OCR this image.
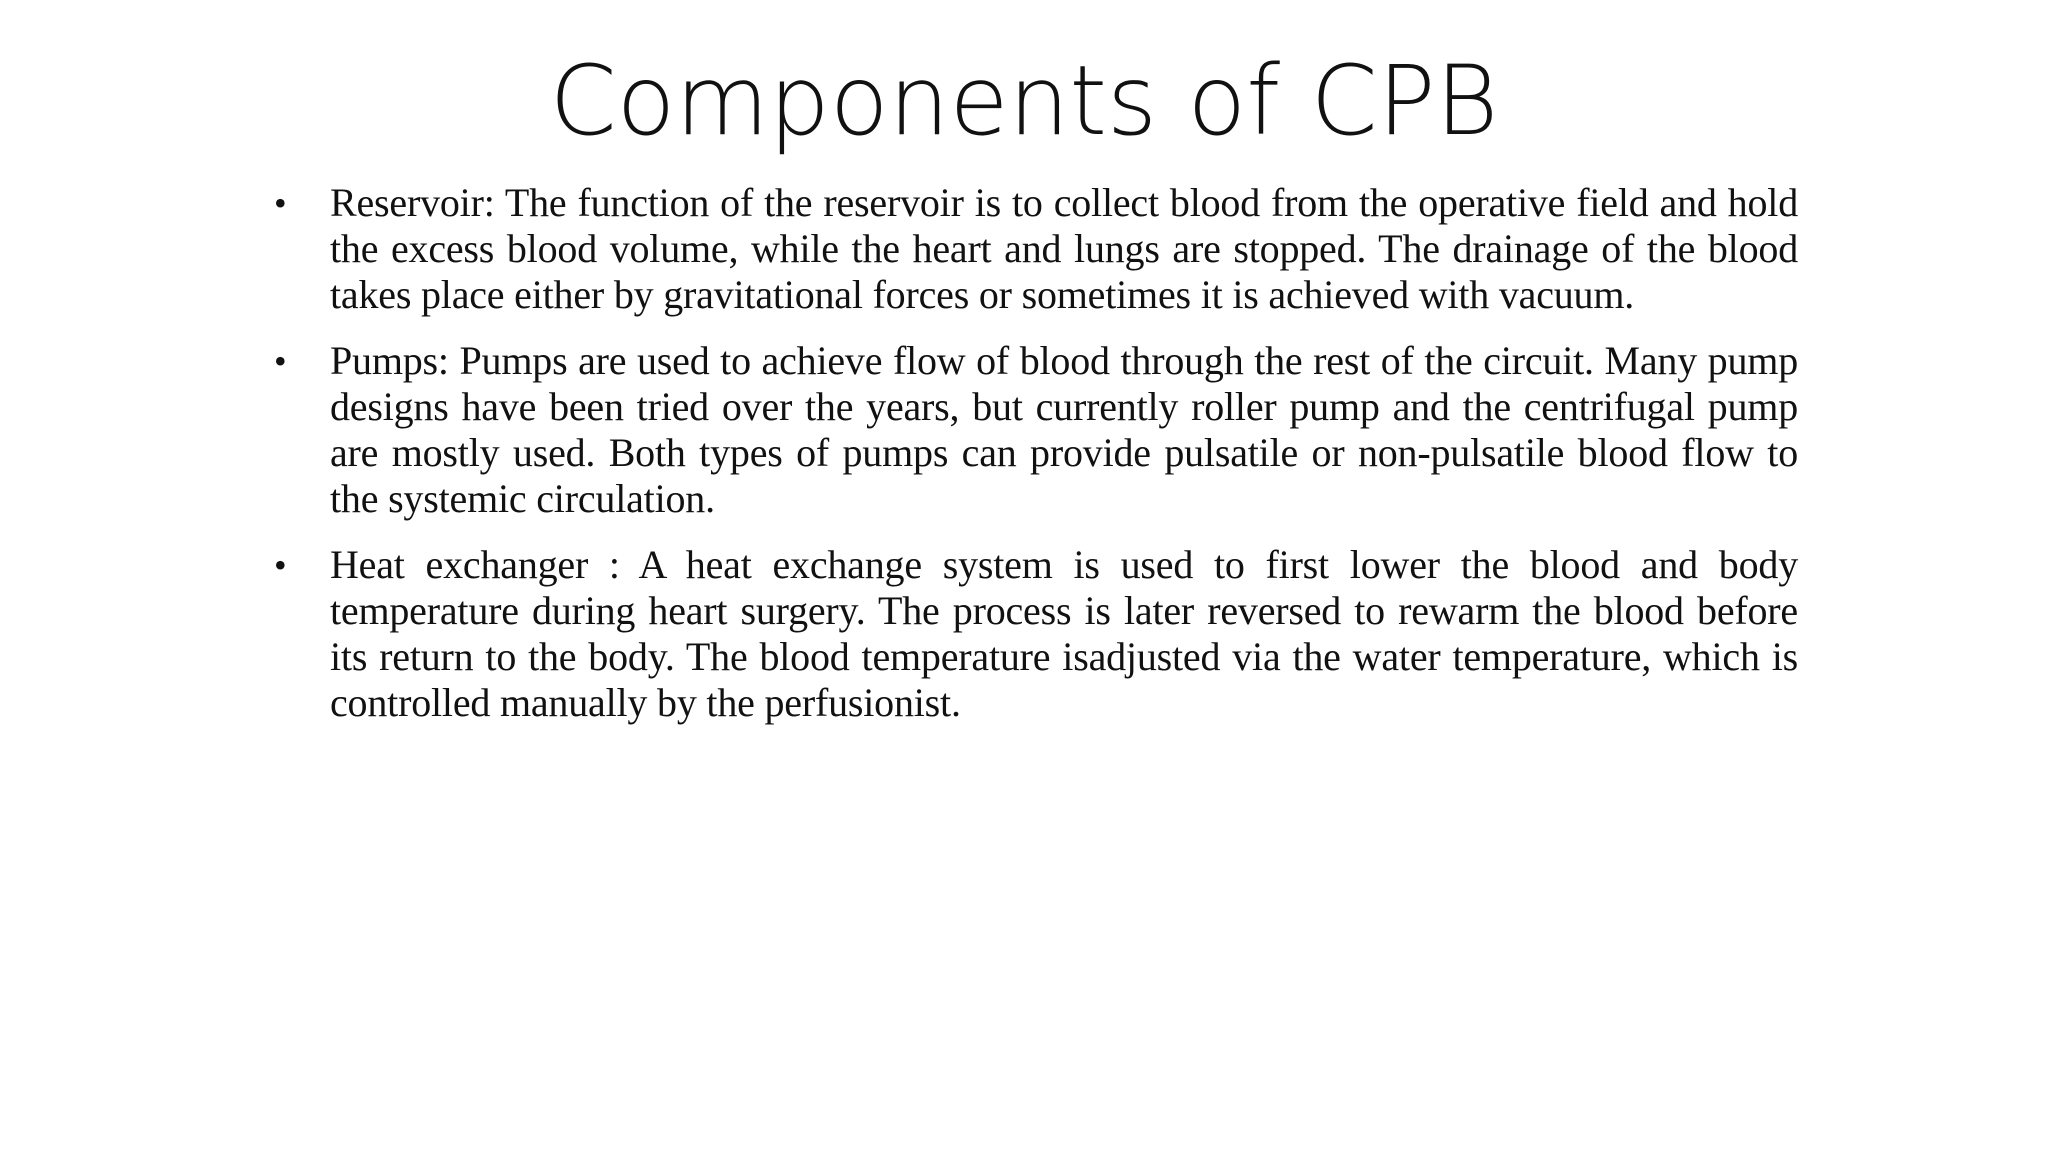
Components of CPB
• Reservoir: The function of the reservoir is to collect blood from the operative field and hold the excess blood volume, while the heart and lungs are stopped. The drainage of the blood takes place either by gravitational forces or sometimes it is achieved with vacuum.
• Pumps: Pumps are used to achieve flow of blood through the rest of the circuit. Many pump designs have been tried over the years, but currently roller pump and the centrifugal pump are mostly used. Both types of pumps can provide pulsatile or non-pulsatile blood flow to the systemic circulation.
• Heat exchanger : A heat exchange system is used to first lower the blood and body temperature during heart surgery. The process is later reversed to rewarm the blood before its return to the body. The blood temperature isadjusted via the water temperature, which is controlled manually by the perfusionist.
